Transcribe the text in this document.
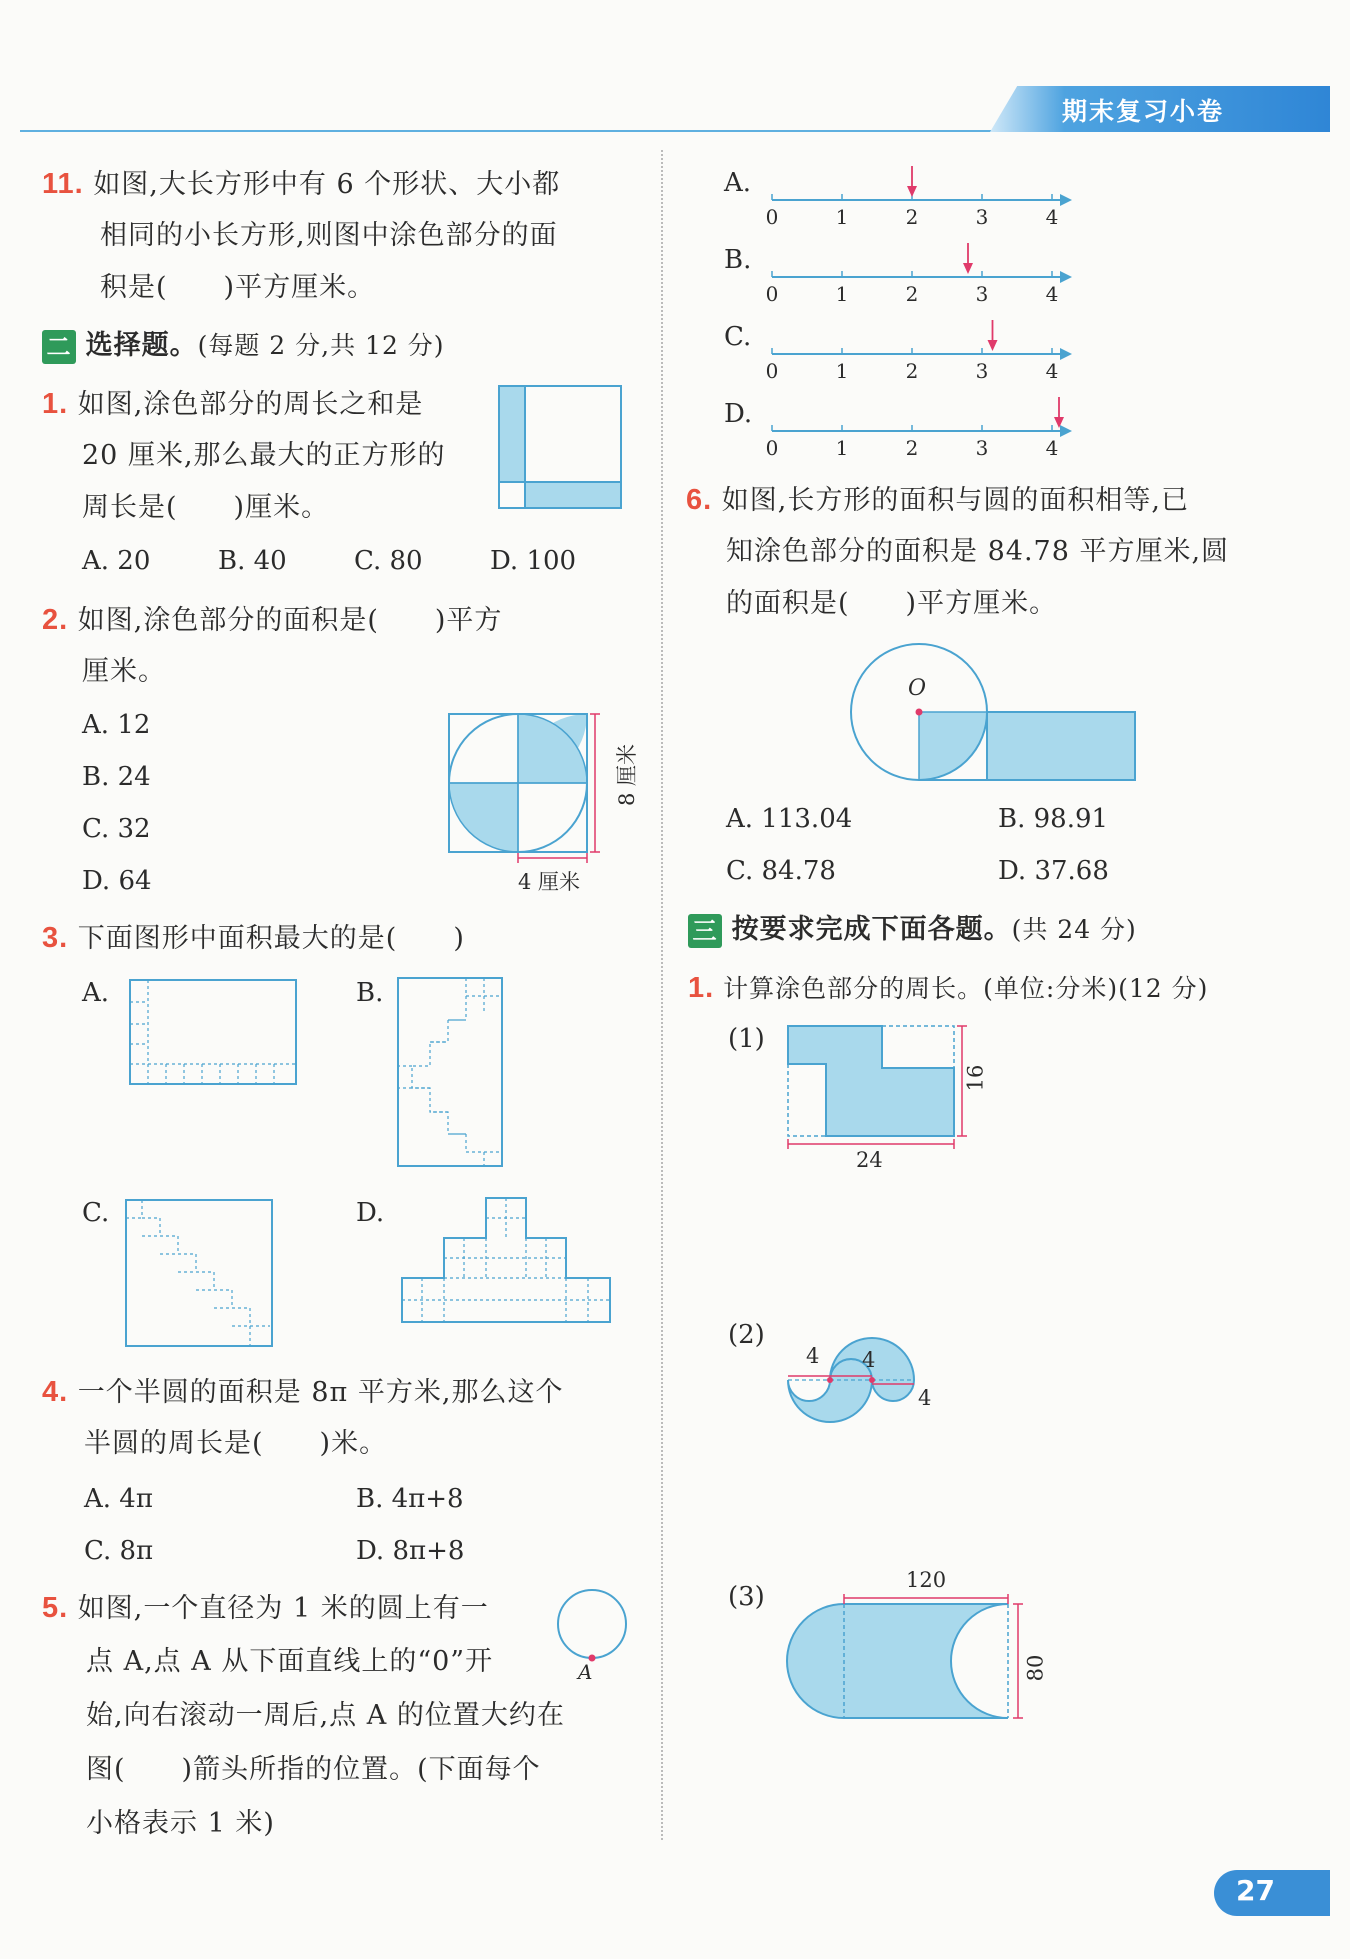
期末复习小卷
11. 如图,大长方形中有 6 个形状、大小都
相同的小长方形,则图中涂色部分的面
积是(　　)平方厘米。
二 选择题。(每题 2 分,共 12 分)
1. 如图,涂色部分的周长之和是
20 厘米,那么最大的正方形的
周长是(　　)厘米。
A. 20	B. 40	C. 80	D. 100
2. 如图,涂色部分的面积是(　　)平方
厘米。
A. 12
B. 24
C. 32
D. 64
8 厘米
4 厘米
3. 下面图形中面积最大的是(　　)
A.	B.
C.	D.
4. 一个半圆的面积是 8π 平方米,那么这个
半圆的周长是(　　)米。
A. 4π	B. 4π+8
C. 8π	D. 8π+8
5. 如图,一个直径为 1 米的圆上有一
点 A,点 A 从下面直线上的“0”开
始,向右滚动一周后,点 A 的位置大约在
图(　　)箭头所指的位置。(下面每个
小格表示 1 米)
A
A.
0	1	2	3	4
B.
0	1	2	3	4
C.
0	1	2	3	4
D.
0	1	2	3	4
6. 如图,长方形的面积与圆的面积相等,已
知涂色部分的面积是 84.78 平方厘米,圆
的面积是(　　)平方厘米。
O
A. 113.04	B. 98.91
C. 84.78	D. 37.68
三 按要求完成下面各题。(共 24 分)
1. 计算涂色部分的周长。(单位:分米)(12 分)
(1)
24
16
(2)
4 4
4
(3)
120
80
27
